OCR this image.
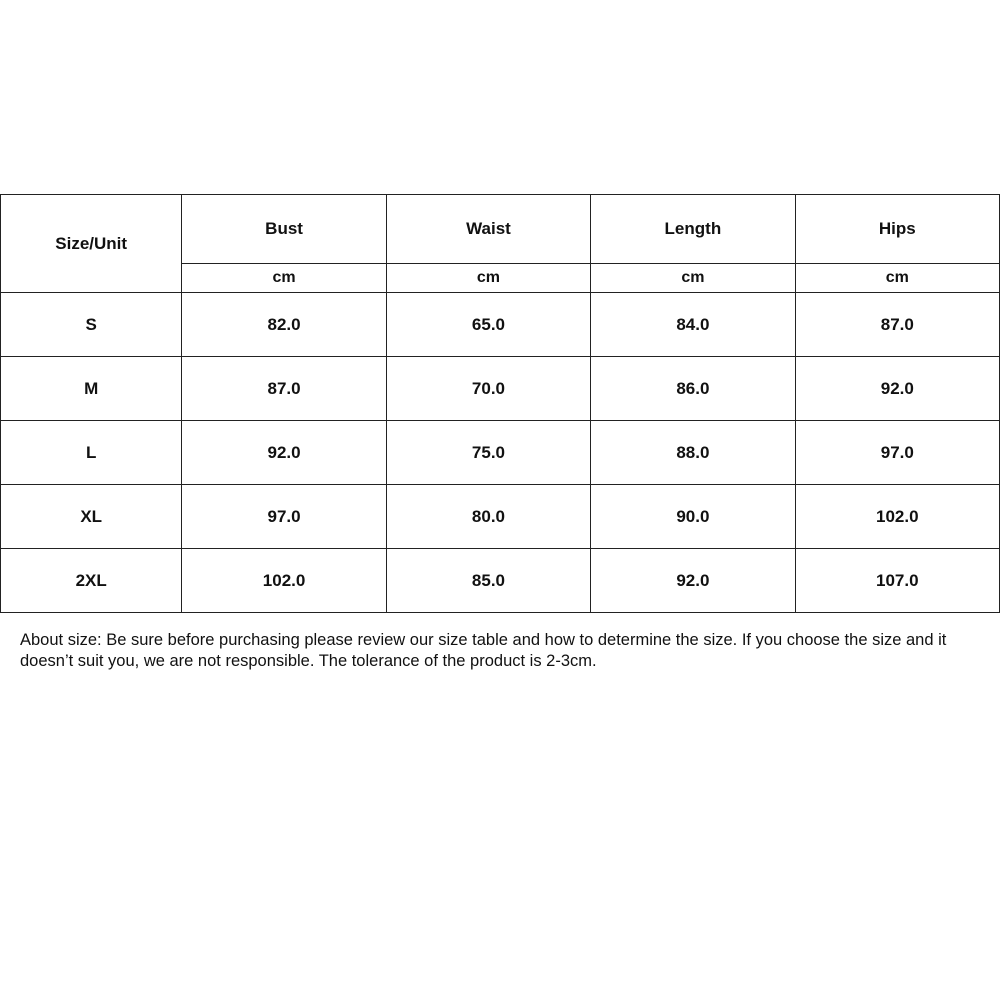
Size/Unit	Bust	Waist	Length	Hips
	cm	cm	cm	cm
S	82.0	65.0	84.0	87.0
M	87.0	70.0	86.0	92.0
L	92.0	75.0	88.0	97.0
XL	97.0	80.0	90.0	102.0
2XL	102.0	85.0	92.0	107.0

About size: Be sure before purchasing please review our size table and how to determine the size. If you choose the size and it doesn’t suit you, we are not responsible. The tolerance of the product is 2-3cm.
